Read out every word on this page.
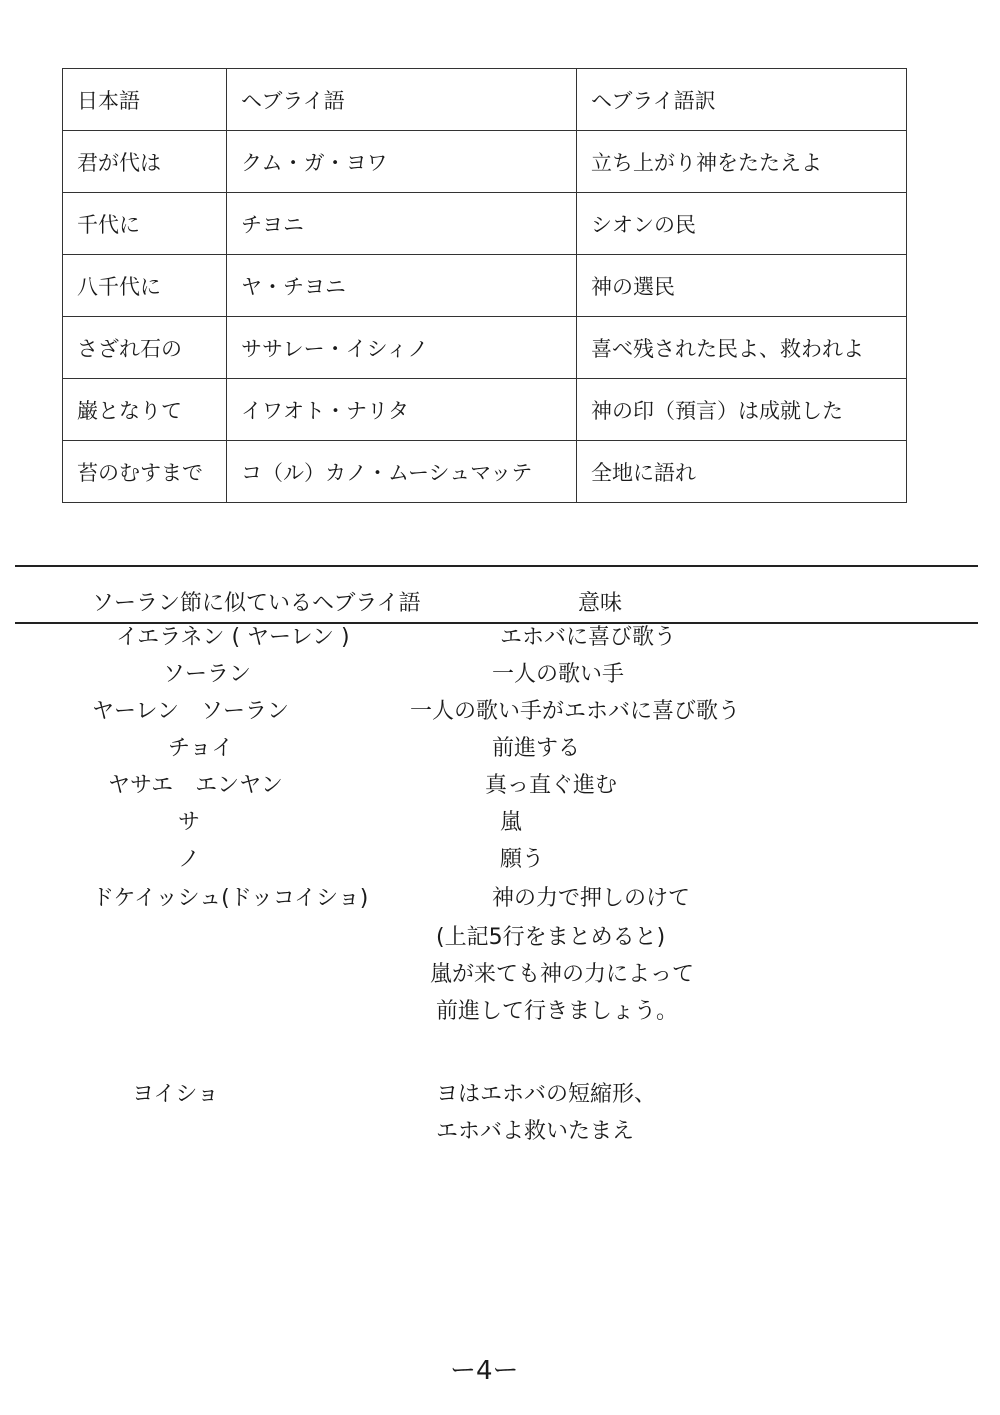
日本語	ヘブライ語	ヘブライ語訳
君が代は	クム・ガ・ヨワ	立ち上がり神をたたえよ
千代に	チヨニ	シオンの民
八千代に	ヤ・チヨニ	神の選民
さざれ石の	ササレー・イシィノ	喜べ残された民よ、救われよ
巌となりて	イワオト・ナリタ	神の印（預言）は成就した
苔のむすまで	コ（ル）カノ・ムーシュマッテ	全地に語れ
ソーラン節に似ているヘブライ語	意味
イエラネン ( ヤーレン )	エホバに喜び歌う
ソーラン	一人の歌い手
ヤーレン　ソーラン	一人の歌い手がエホバに喜び歌う
チョイ	前進する
ヤサエ　エンヤン	真っ直ぐ進む
サ	嵐
ノ	願う
ドケイッシュ(ドッコイショ)	神の力で押しのけて
(上記5行をまとめると)
嵐が来ても神の力によって
前進して行きましょう。
ヨイショ	ヨはエホバの短縮形、
エホバよ救いたまえ
ー4ー
